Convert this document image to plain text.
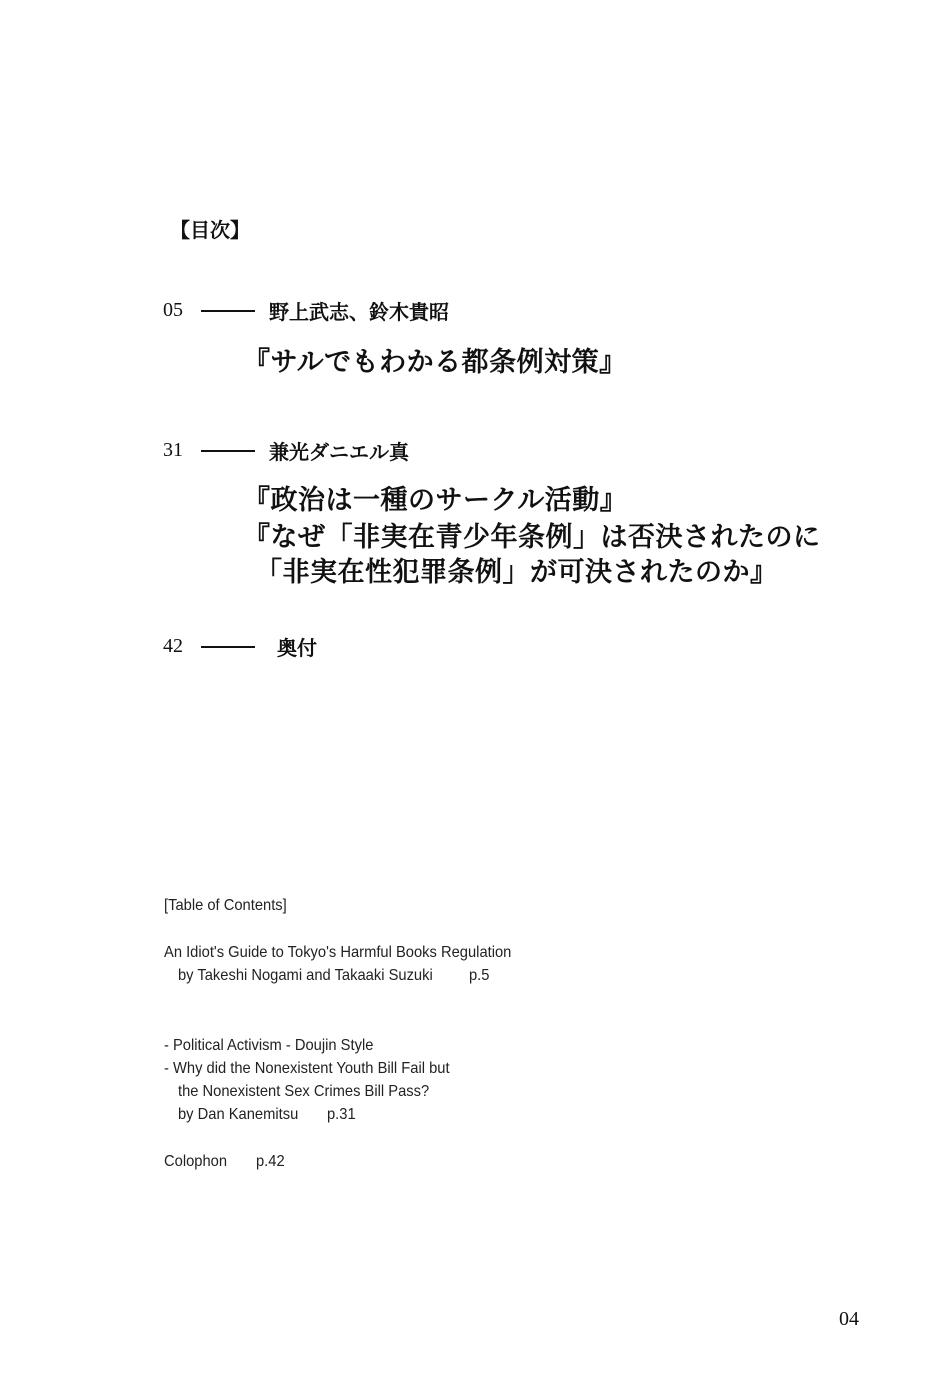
【目次】
05	野上武志、鈴木貴昭
『サルでもわかる都条例対策』
31	兼光ダニエル真
『政治は一種のサークル活動』
『なぜ「非実在青少年条例」は否決されたのに
「非実在性犯罪条例」が可決されたのか』
42	奥付
[Table of Contents]
An Idiot's Guide to Tokyo's Harmful Books Regulation
by Takeshi Nogami and Takaaki Suzuki p.5
- Political Activism - Doujin Style
- Why did the Nonexistent Youth Bill Fail but
the Nonexistent Sex Crimes Bill Pass?
by Dan Kanemitsu p.31
Colophon p.42
04
